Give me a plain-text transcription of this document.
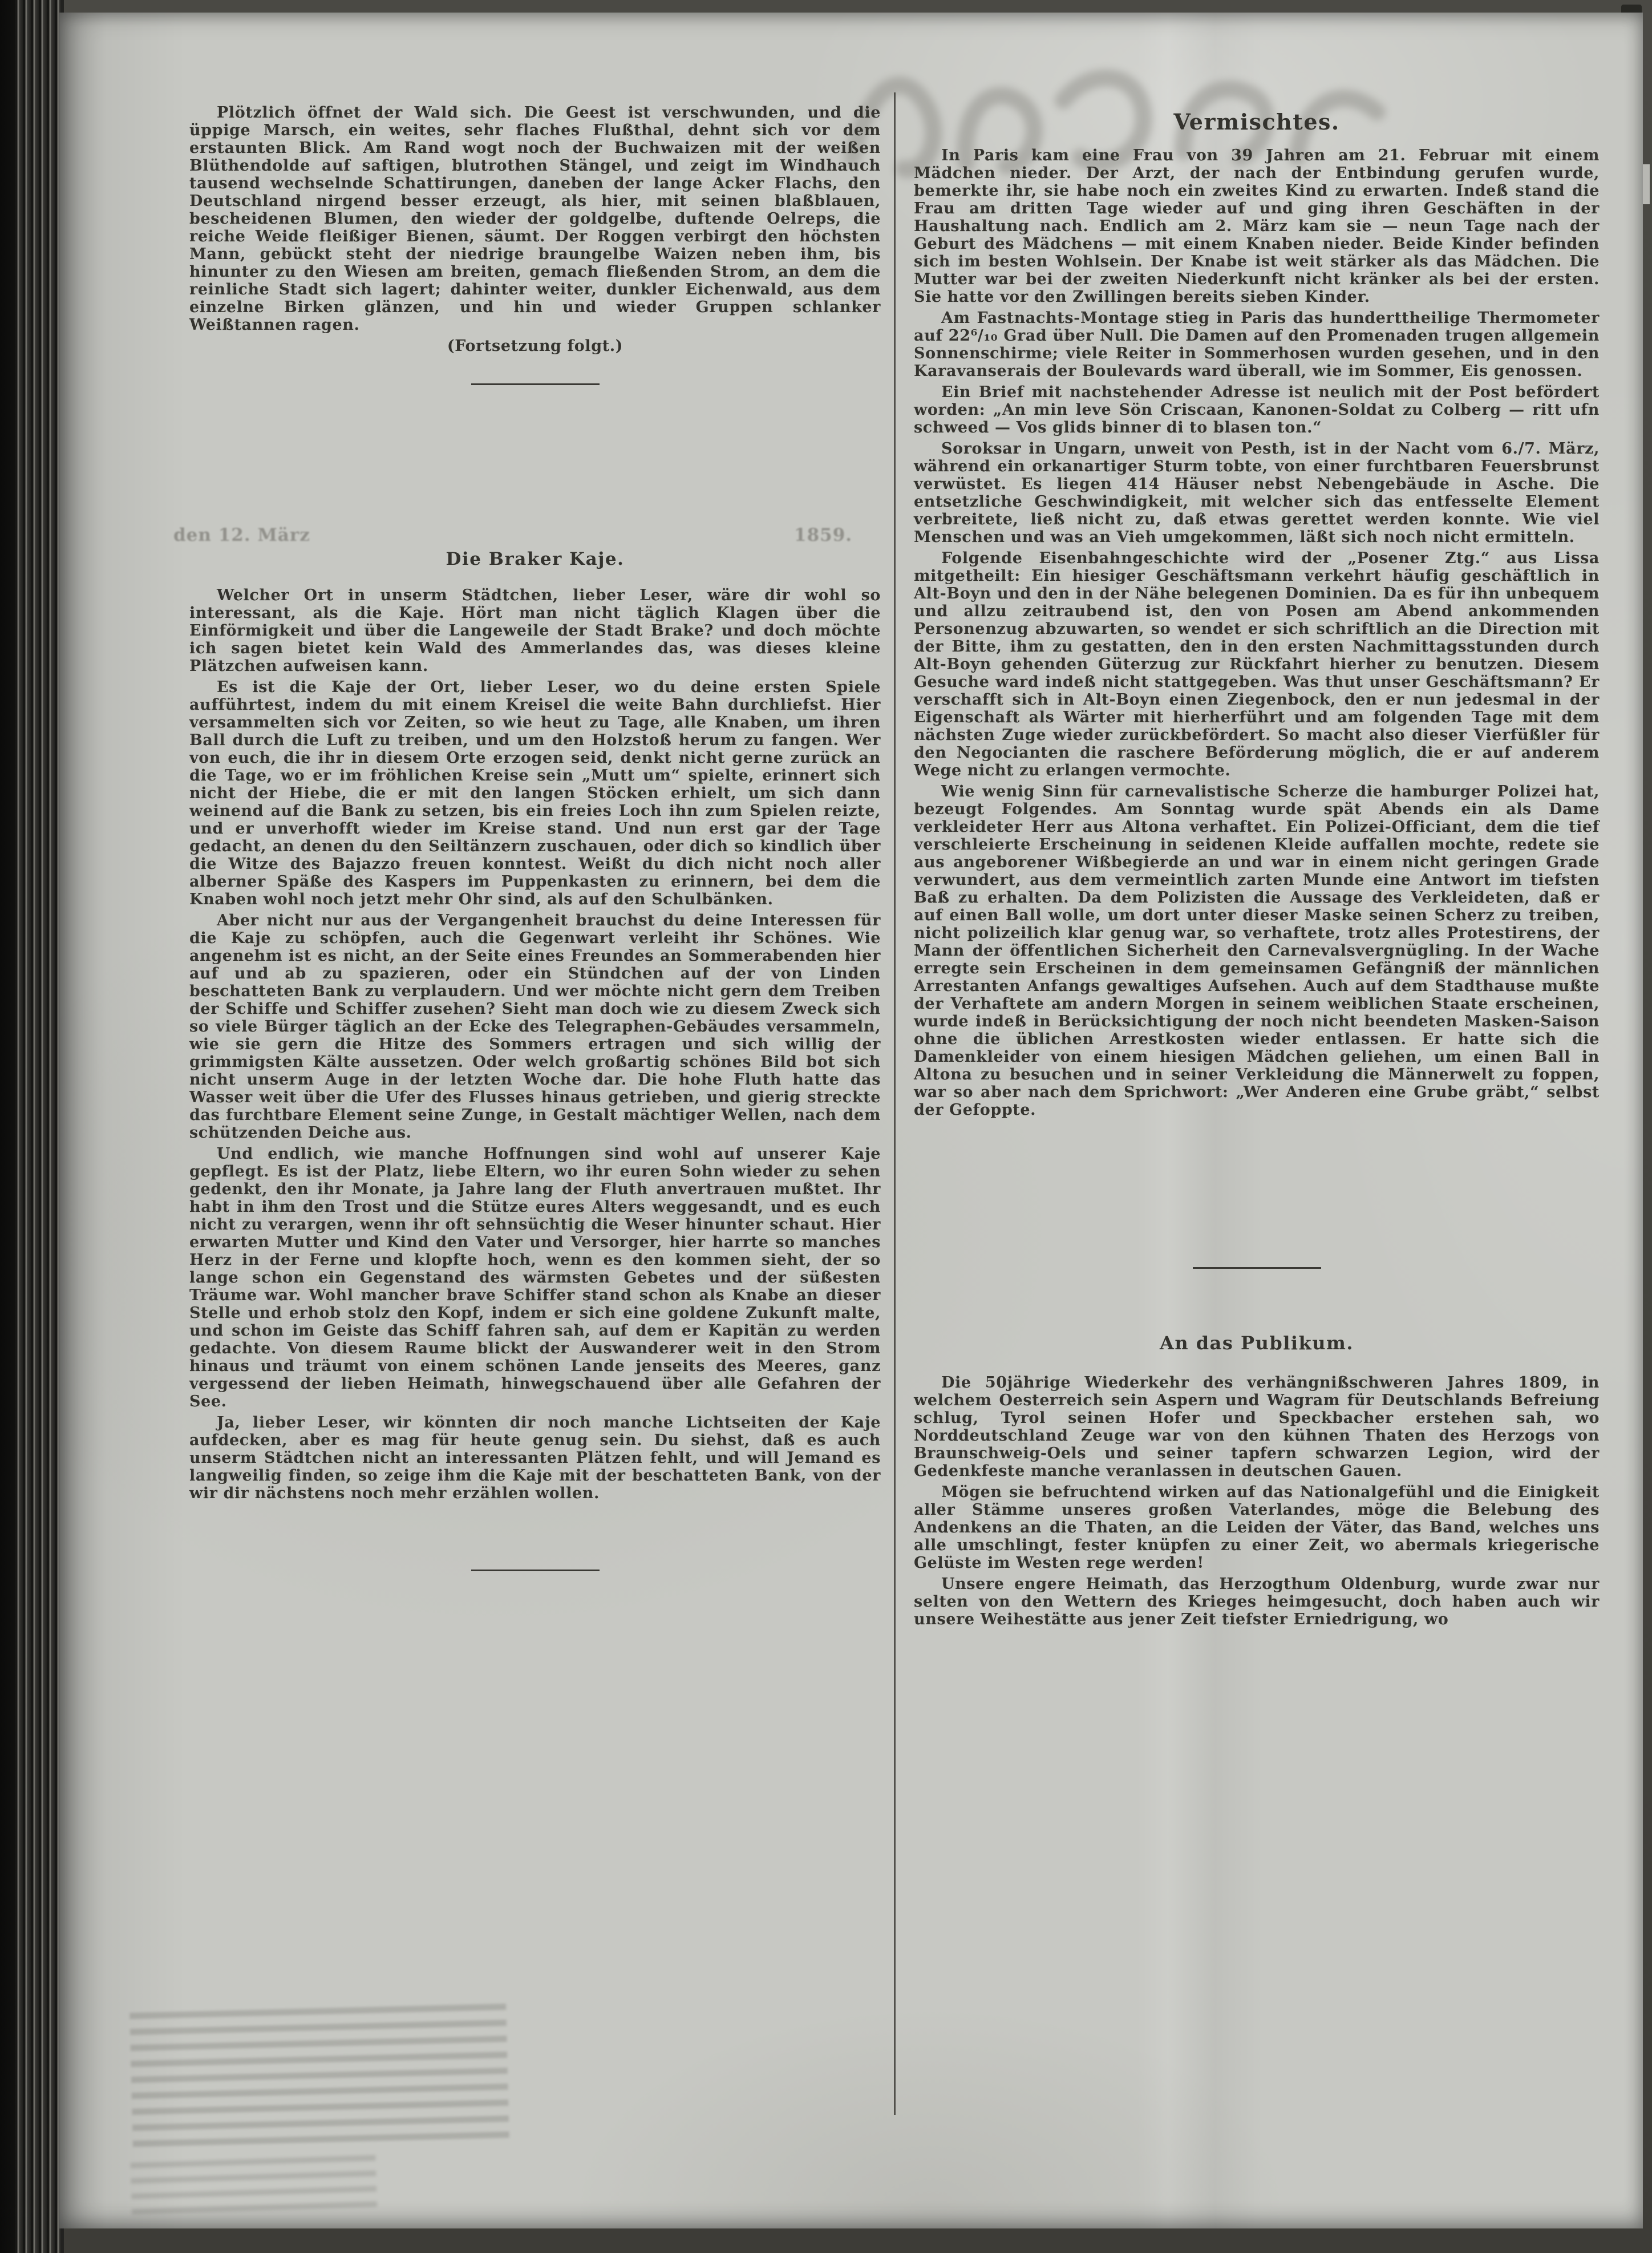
den 12. März	1859.

Plötzlich öffnet der Wald sich. Die Geest ist verschwunden, und die üppige Marsch, ein weites, sehr flaches Flußthal, dehnt sich vor dem erstaunten Blick. Am Rand wogt noch der Buchwaizen mit der weißen Blüthendolde auf saftigen, blutrothen Stängel, und zeigt im Windhauch tausend wechselnde Schattirungen, daneben der lange Acker Flachs, den Deutschland nirgend besser erzeugt, als hier, mit seinen blaßblauen, bescheidenen Blumen, den wieder der goldgelbe, duftende Oelreps, die reiche Weide fleißiger Bienen, säumt. Der Roggen verbirgt den höchsten Mann, gebückt steht der niedrige braungelbe Waizen neben ihm, bis hinunter zu den Wiesen am breiten, gemach fließenden Strom, an dem die reinliche Stadt sich lagert; dahinter weiter, dunkler Eichenwald, aus dem einzelne Birken glänzen, und hin und wieder Gruppen schlanker Weißtannen ragen.

(Fortsetzung folgt.)

Die Braker Kaje.

Welcher Ort in unserm Städtchen, lieber Leser, wäre dir wohl so interessant, als die Kaje. Hört man nicht täglich Klagen über die Einförmigkeit und über die Langeweile der Stadt Brake? und doch möchte ich sagen bietet kein Wald des Ammerlandes das, was dieses kleine Plätzchen aufweisen kann.

Es ist die Kaje der Ort, lieber Leser, wo du deine ersten Spiele aufführtest, indem du mit einem Kreisel die weite Bahn durchliefst. Hier versammelten sich vor Zeiten, so wie heut zu Tage, alle Knaben, um ihren Ball durch die Luft zu treiben, und um den Holzstoß herum zu fangen. Wer von euch, die ihr in diesem Orte erzogen seid, denkt nicht gerne zurück an die Tage, wo er im fröhlichen Kreise sein „Mutt um“ spielte, erinnert sich nicht der Hiebe, die er mit den langen Stöcken erhielt, um sich dann weinend auf die Bank zu setzen, bis ein freies Loch ihn zum Spielen reizte, und er unverhofft wieder im Kreise stand. Und nun erst gar der Tage gedacht, an denen du den Seiltänzern zuschauen, oder dich so kindlich über die Witze des Bajazzo freuen konntest. Weißt du dich nicht noch aller alberner Späße des Kaspers im Puppenkasten zu erinnern, bei dem die Knaben wohl noch jetzt mehr Ohr sind, als auf den Schulbänken.

Aber nicht nur aus der Vergangenheit brauchst du deine Interessen für die Kaje zu schöpfen, auch die Gegenwart verleiht ihr Schönes. Wie angenehm ist es nicht, an der Seite eines Freundes an Sommerabenden hier auf und ab zu spazieren, oder ein Stündchen auf der von Linden beschatteten Bank zu verplaudern. Und wer möchte nicht gern dem Treiben der Schiffe und Schiffer zusehen? Sieht man doch wie zu diesem Zweck sich so viele Bürger täglich an der Ecke des Telegraphen-Gebäudes versammeln, wie sie gern die Hitze des Sommers ertragen und sich willig der grimmigsten Kälte aussetzen. Oder welch großartig schönes Bild bot sich nicht unserm Auge in der letzten Woche dar. Die hohe Fluth hatte das Wasser weit über die Ufer des Flusses hinaus getrieben, und gierig streckte das furchtbare Element seine Zunge, in Gestalt mächtiger Wellen, nach dem schützenden Deiche aus.

Und endlich, wie manche Hoffnungen sind wohl auf unserer Kaje gepflegt. Es ist der Platz, liebe Eltern, wo ihr euren Sohn wieder zu sehen gedenkt, den ihr Monate, ja Jahre lang der Fluth anvertrauen mußtet. Ihr habt in ihm den Trost und die Stütze eures Alters weggesandt, und es euch nicht zu verargen, wenn ihr oft sehnsüchtig die Weser hinunter schaut. Hier erwarten Mutter und Kind den Vater und Versorger, hier harrte so manches Herz in der Ferne und klopfte hoch, wenn es den kommen sieht, der so lange schon ein Gegenstand des wärmsten Gebetes und der süßesten Träume war. Wohl mancher brave Schiffer stand schon als Knabe an dieser Stelle und erhob stolz den Kopf, indem er sich eine goldene Zukunft malte, und schon im Geiste das Schiff fahren sah, auf dem er Kapitän zu werden gedachte. Von diesem Raume blickt der Auswanderer weit in den Strom hinaus und träumt von einem schönen Lande jenseits des Meeres, ganz vergessend der lieben Heimath, hinwegschauend über alle Gefahren der See.

Ja, lieber Leser, wir könnten dir noch manche Lichtseiten der Kaje aufdecken, aber es mag für heute genug sein. Du siehst, daß es auch unserm Städtchen nicht an interessanten Plätzen fehlt, und will Jemand es langweilig finden, so zeige ihm die Kaje mit der beschatteten Bank, von der wir dir nächstens noch mehr erzählen wollen.

Vermischtes.

In Paris kam eine Frau von 39 Jahren am 21. Februar mit einem Mädchen nieder. Der Arzt, der nach der Entbindung gerufen wurde, bemerkte ihr, sie habe noch ein zweites Kind zu erwarten. Indeß stand die Frau am dritten Tage wieder auf und ging ihren Geschäften in der Haushaltung nach. Endlich am 2. März kam sie — neun Tage nach der Geburt des Mädchens — mit einem Knaben nieder. Beide Kinder befinden sich im besten Wohlsein. Der Knabe ist weit stärker als das Mädchen. Die Mutter war bei der zweiten Niederkunft nicht kränker als bei der ersten. Sie hatte vor den Zwillingen bereits sieben Kinder.

Am Fastnachts-Montage stieg in Paris das hunderttheilige Thermometer auf 22⁶/₁₀ Grad über Null. Die Damen auf den Promenaden trugen allgemein Sonnenschirme; viele Reiter in Sommerhosen wurden gesehen, und in den Karavanserais der Boulevards ward überall, wie im Sommer, Eis genossen.

Ein Brief mit nachstehender Adresse ist neulich mit der Post befördert worden: „An min leve Sön Criscaan, Kanonen-Soldat zu Colberg — ritt ufn schweed — Vos glids binner di to blasen ton.“

Soroksar in Ungarn, unweit von Pesth, ist in der Nacht vom 6./7. März, während ein orkanartiger Sturm tobte, von einer furchtbaren Feuersbrunst verwüstet. Es liegen 414 Häuser nebst Nebengebäude in Asche. Die entsetzliche Geschwindigkeit, mit welcher sich das entfesselte Element verbreitete, ließ nicht zu, daß etwas gerettet werden konnte. Wie viel Menschen und was an Vieh umgekommen, läßt sich noch nicht ermitteln.

Folgende Eisenbahngeschichte wird der „Posener Ztg.“ aus Lissa mitgetheilt: Ein hiesiger Geschäftsmann verkehrt häufig geschäftlich in Alt-Boyn und den in der Nähe belegenen Dominien. Da es für ihn unbequem und allzu zeitraubend ist, den von Posen am Abend ankommenden Personenzug abzuwarten, so wendet er sich schriftlich an die Direction mit der Bitte, ihm zu gestatten, den in den ersten Nachmittagsstunden durch Alt-Boyn gehenden Güterzug zur Rückfahrt hierher zu benutzen. Diesem Gesuche ward indeß nicht stattgegeben. Was thut unser Geschäftsmann? Er verschafft sich in Alt-Boyn einen Ziegenbock, den er nun jedesmal in der Eigenschaft als Wärter mit hierherführt und am folgenden Tage mit dem nächsten Zuge wieder zurückbefördert. So macht also dieser Vierfüßler für den Negocianten die raschere Beförderung möglich, die er auf anderem Wege nicht zu erlangen vermochte.

Wie wenig Sinn für carnevalistische Scherze die hamburger Polizei hat, bezeugt Folgendes. Am Sonntag wurde spät Abends ein als Dame verkleideter Herr aus Altona verhaftet. Ein Polizei-Officiant, dem die tief verschleierte Erscheinung in seidenen Kleide auffallen mochte, redete sie aus angeborener Wißbegierde an und war in einem nicht geringen Grade verwundert, aus dem vermeintlich zarten Munde eine Antwort im tiefsten Baß zu erhalten. Da dem Polizisten die Aussage des Verkleideten, daß er auf einen Ball wolle, um dort unter dieser Maske seinen Scherz zu treiben, nicht polizeilich klar genug war, so verhaftete, trotz alles Protestirens, der Mann der öffentlichen Sicherheit den Carnevalsvergnügling. In der Wache erregte sein Erscheinen in dem gemeinsamen Gefängniß der männlichen Arrestanten Anfangs gewaltiges Aufsehen. Auch auf dem Stadthause mußte der Verhaftete am andern Morgen in seinem weiblichen Staate erscheinen, wurde indeß in Berücksichtigung der noch nicht beendeten Masken-Saison ohne die üblichen Arrestkosten wieder entlassen. Er hatte sich die Damenkleider von einem hiesigen Mädchen geliehen, um einen Ball in Altona zu besuchen und in seiner Verkleidung die Männerwelt zu foppen, war so aber nach dem Sprichwort: „Wer Anderen eine Grube gräbt,“ selbst der Gefoppte.

An das Publikum.

Die 50jährige Wiederkehr des verhängnißschweren Jahres 1809, in welchem Oesterreich sein Aspern und Wagram für Deutschlands Befreiung schlug, Tyrol seinen Hofer und Speckbacher erstehen sah, wo Norddeutschland Zeuge war von den kühnen Thaten des Herzogs von Braunschweig-Oels und seiner tapfern schwarzen Legion, wird der Gedenkfeste manche veranlassen in deutschen Gauen.

Mögen sie befruchtend wirken auf das Nationalgefühl und die Einigkeit aller Stämme unseres großen Vaterlandes, möge die Belebung des Andenkens an die Thaten, an die Leiden der Väter, das Band, welches uns alle umschlingt, fester knüpfen zu einer Zeit, wo abermals kriegerische Gelüste im Westen rege werden!

Unsere engere Heimath, das Herzogthum Oldenburg, wurde zwar nur selten von den Wettern des Krieges heimgesucht, doch haben auch wir unsere Weihestätte aus jener Zeit tiefster Erniedrigung, wo
